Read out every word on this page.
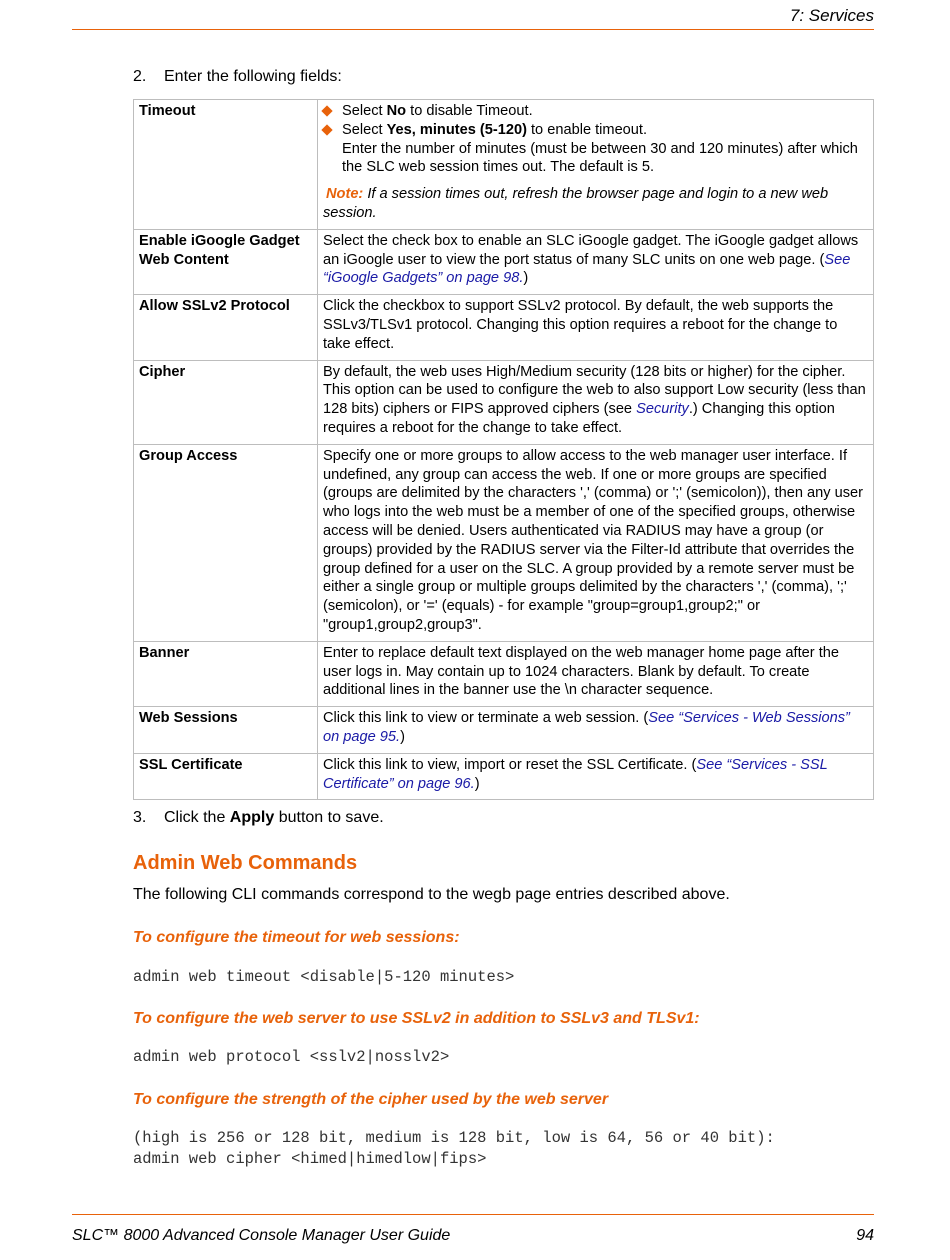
7: Services
2. Enter the following fields:
Timeout	Select No to disable Timeout.
Select Yes, minutes (5-120) to enable timeout.
Enter the number of minutes (must be between 30 and 120 minutes) after which the SLC web session times out. The default is 5.
Note: If a session times out, refresh the browser page and login to a new web session.

Enable iGoogle Gadget Web Content	Select the check box to enable an SLC iGoogle gadget. The iGoogle gadget allows an iGoogle user to view the port status of many SLC units on one web page. (See “iGoogle Gadgets” on page 98.)
Allow SSLv2 Protocol	Click the checkbox to support SSLv2 protocol. By default, the web supports the SSLv3/TLSv1 protocol. Changing this option requires a reboot for the change to take effect.
Cipher	By default, the web uses High/Medium security (128 bits or higher) for the cipher. This option can be used to configure the web to also support Low security (less than 128 bits) ciphers or FIPS approved ciphers (see Security.) Changing this option requires a reboot for the change to take effect.
Group Access	Specify one or more groups to allow access to the web manager user interface. If undefined, any group can access the web. If one or more groups are specified (groups are delimited by the characters ',' (comma) or ';' (semicolon)), then any user who logs into the web must be a member of one of the specified groups, otherwise access will be denied. Users authenticated via RADIUS may have a group (or groups) provided by the RADIUS server via the Filter-Id attribute that overrides the group defined for a user on the SLC. A group provided by a remote server must be either a single group or multiple groups delimited by the characters ',' (comma), ';' (semicolon), or '=' (equals) - for example "group=group1,group2;" or "group1,group2,group3".
Banner	Enter to replace default text displayed on the web manager home page after the user logs in. May contain up to 1024 characters. Blank by default. To create additional lines in the banner use the \n character sequence.
Web Sessions	Click this link to view or terminate a web session. (See “Services - Web Sessions” on page 95.)
SSL Certificate	Click this link to view, import or reset the SSL Certificate. (See “Services - SSL Certificate” on page 96.)
3. Click the Apply button to save.
Admin Web Commands
The following CLI commands correspond to the wegb page entries described above.
To configure the timeout for web sessions:
admin web timeout <disable|5-120 minutes>
To configure the web server to use SSLv2 in addition to SSLv3 and TLSv1:
admin web protocol <sslv2|nosslv2>
To configure the strength of the cipher used by the web server
(high is 256 or 128 bit, medium is 128 bit, low is 64, 56 or 40 bit):
admin web cipher <himed|himedlow|fips>
SLC™ 8000 Advanced Console Manager User Guide	94
